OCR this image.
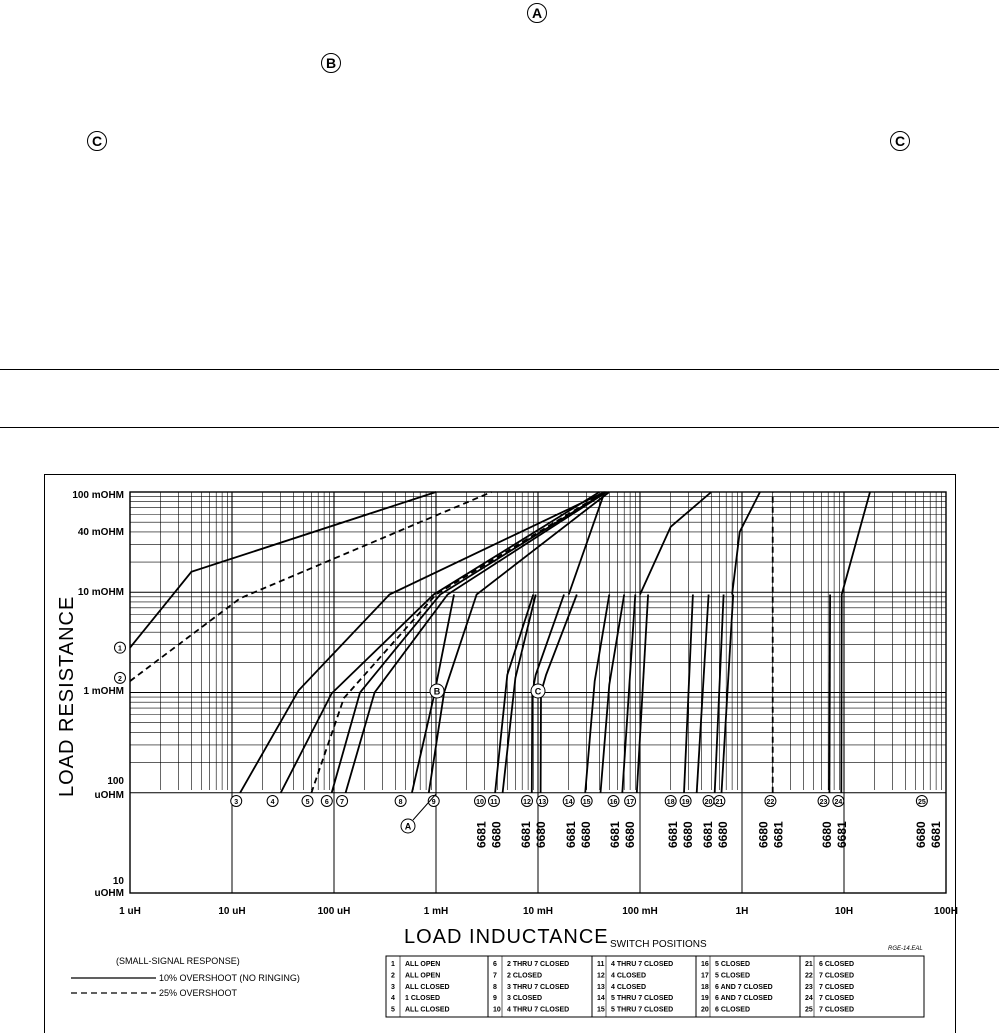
A
B
C	C
1
2
3	4	5 6 7	8	9	10 11	12 13	14 15	16 17	18 19 20 21	22	23 24	25
B	C
A	6681 6680 6681 6680 6681 6680 6681 6680 6681 6680 6681 6680 6680 6681	6680 6681	6680 6681
1 uH	10 uH	100 uH	1 mH	10 mH	100 mH	1H	10H	100H
100 mOHM
40 mOHM
10 mOHM
1 mOHM
100
uOHM
10
uOHM
LOAD INDUCTANCE
LOAD RESISTANCE
RGE-14.EAL
(SMALL-SIGNAL RESPONSE)
10% OVERSHOOT (NO RINGING)
25% OVERSHOOT
SWITCH POSITIONS
1 ALL OPEN
2 ALL OPEN
3 ALL CLOSED
4 1 CLOSED
5 ALL CLOSED
6 2 THRU 7 CLOSED
7 2 CLOSED
8 3 THRU 7 CLOSED
9 3 CLOSED
10 4 THRU 7 CLOSED
11 4 THRU 7 CLOSED
12 4 CLOSED
13 4 CLOSED
14 5 THRU 7 CLOSED
15 5 THRU 7 CLOSED
16 5 CLOSED
17 5 CLOSED
18 6 AND 7 CLOSED
19 6 AND 7 CLOSED
20 6 CLOSED
21 6 CLOSED
22 7 CLOSED
23 7 CLOSED
24 7 CLOSED
25 7 CLOSED
